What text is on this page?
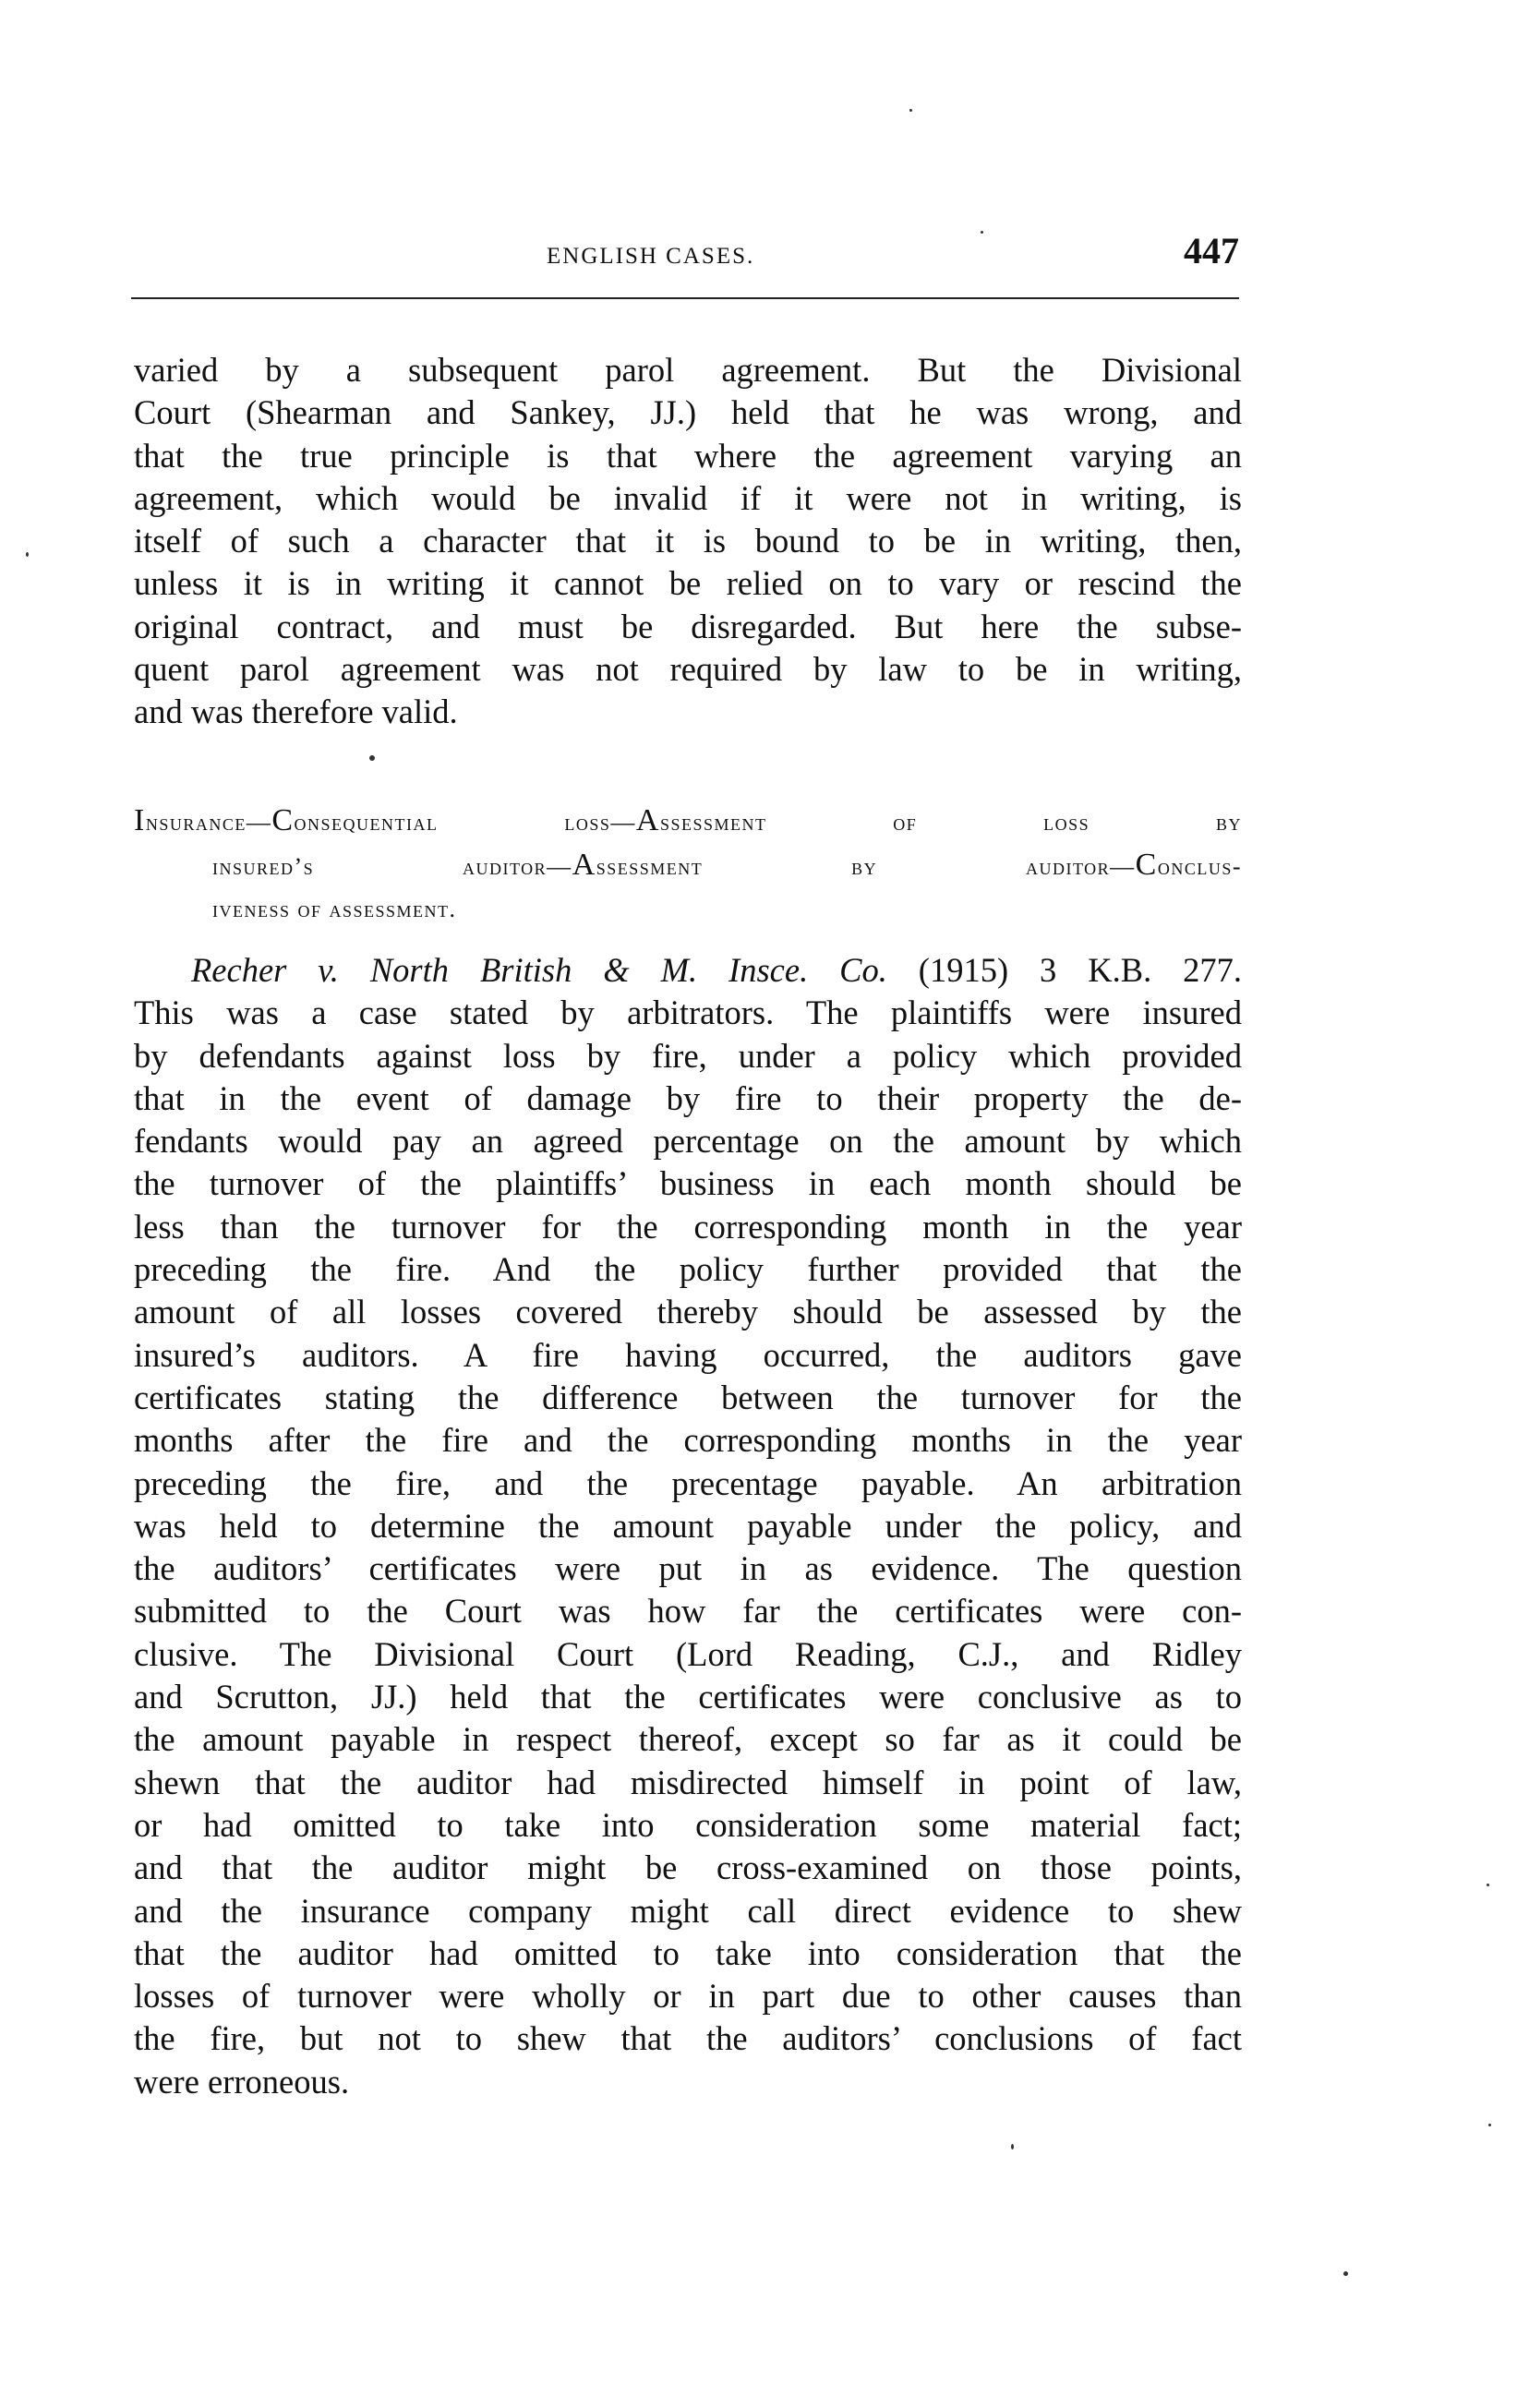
ENGLISH CASES.	447
varied by a subsequent parol agreement. But the Divisional
Court (Shearman and Sankey, JJ.) held that he was wrong, and
that the true principle is that where the agreement varying an
agreement, which would be invalid if it were not in writing, is
itself of such a character that it is bound to be in writing, then,
unless it is in writing it cannot be relied on to vary or rescind the
original contract, and must be disregarded. But here the subse-
quent parol agreement was not required by law to be in writing,
and was therefore valid.
Insurance—Consequential loss—Assessment of loss by
insured’s auditor—Assessment by auditor—Conclus-
iveness of assessment.
Recher v. North British & M. Insce. Co. (1915) 3 K.B. 277.
This was a case stated by arbitrators. The plaintiffs were insured
by defendants against loss by fire, under a policy which provided
that in the event of damage by fire to their property the de-
fendants would pay an agreed percentage on the amount by which
the turnover of the plaintiffs’ business in each month should be
less than the turnover for the corresponding month in the year
preceding the fire. And the policy further provided that the
amount of all losses covered thereby should be assessed by the
insured’s auditors. A fire having occurred, the auditors gave
certificates stating the difference between the turnover for the
months after the fire and the corresponding months in the year
preceding the fire, and the precentage payable. An arbitration
was held to determine the amount payable under the policy, and
the auditors’ certificates were put in as evidence. The question
submitted to the Court was how far the certificates were con-
clusive. The Divisional Court (Lord Reading, C.J., and Ridley
and Scrutton, JJ.) held that the certificates were conclusive as to
the amount payable in respect thereof, except so far as it could be
shewn that the auditor had misdirected himself in point of law,
or had omitted to take into consideration some material fact;
and that the auditor might be cross-examined on those points,
and the insurance company might call direct evidence to shew
that the auditor had omitted to take into consideration that the
losses of turnover were wholly or in part due to other causes than
the fire, but not to shew that the auditors’ conclusions of fact
were erroneous.
